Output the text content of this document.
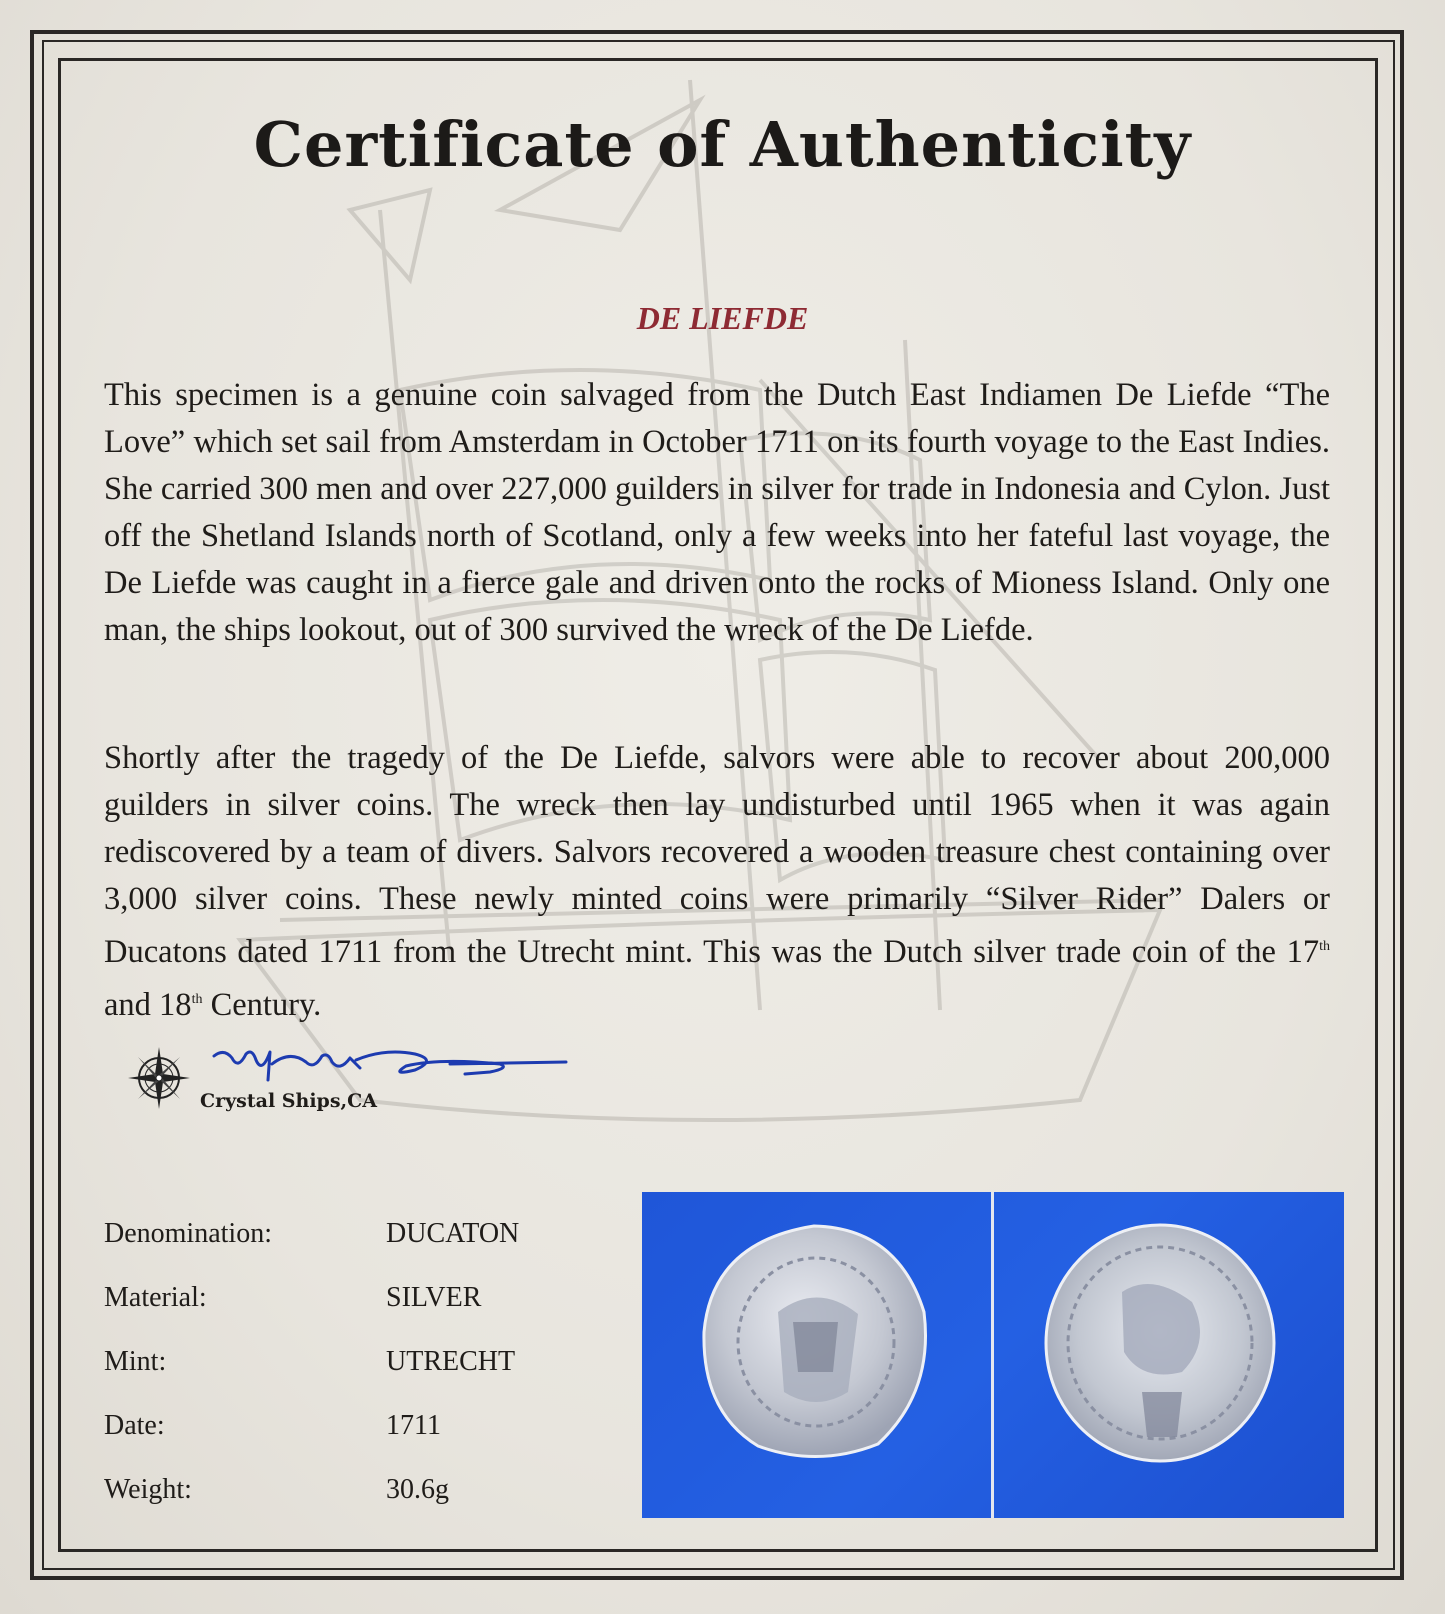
Certificate of Authenticity
DE LIEFDE

This specimen is a genuine coin salvaged from the Dutch East Indiamen De Liefde “The Love” which set sail from Amsterdam in October 1711 on its fourth voyage to the East Indies. She carried 300 men and over 227,000 guilders in silver for trade in Indonesia and Cylon. Just off the Shetland Islands north of Scotland, only a few weeks into her fateful last voyage, the De Liefde was caught in a fierce gale and driven onto the rocks of Mioness Island. Only one man, the ships lookout, out of 300 survived the wreck of the De Liefde.

Shortly after the tragedy of the De Liefde, salvors were able to recover about 200,000 guilders in silver coins. The wreck then lay undisturbed until 1965 when it was again rediscovered by a team of divers. Salvors recovered a wooden treasure chest containing over 3,000 silver coins. These newly minted coins were primarily “Silver Rider” Dalers or Ducatons dated 1711 from the Utrecht mint. This was the Dutch silver trade coin of the 17th and 18th Century.

Crystal Ships,CA
Denomination:	DUCATON
Material:	SILVER
Mint:	UTRECHT
Date:	1711
Weight:	30.6g
